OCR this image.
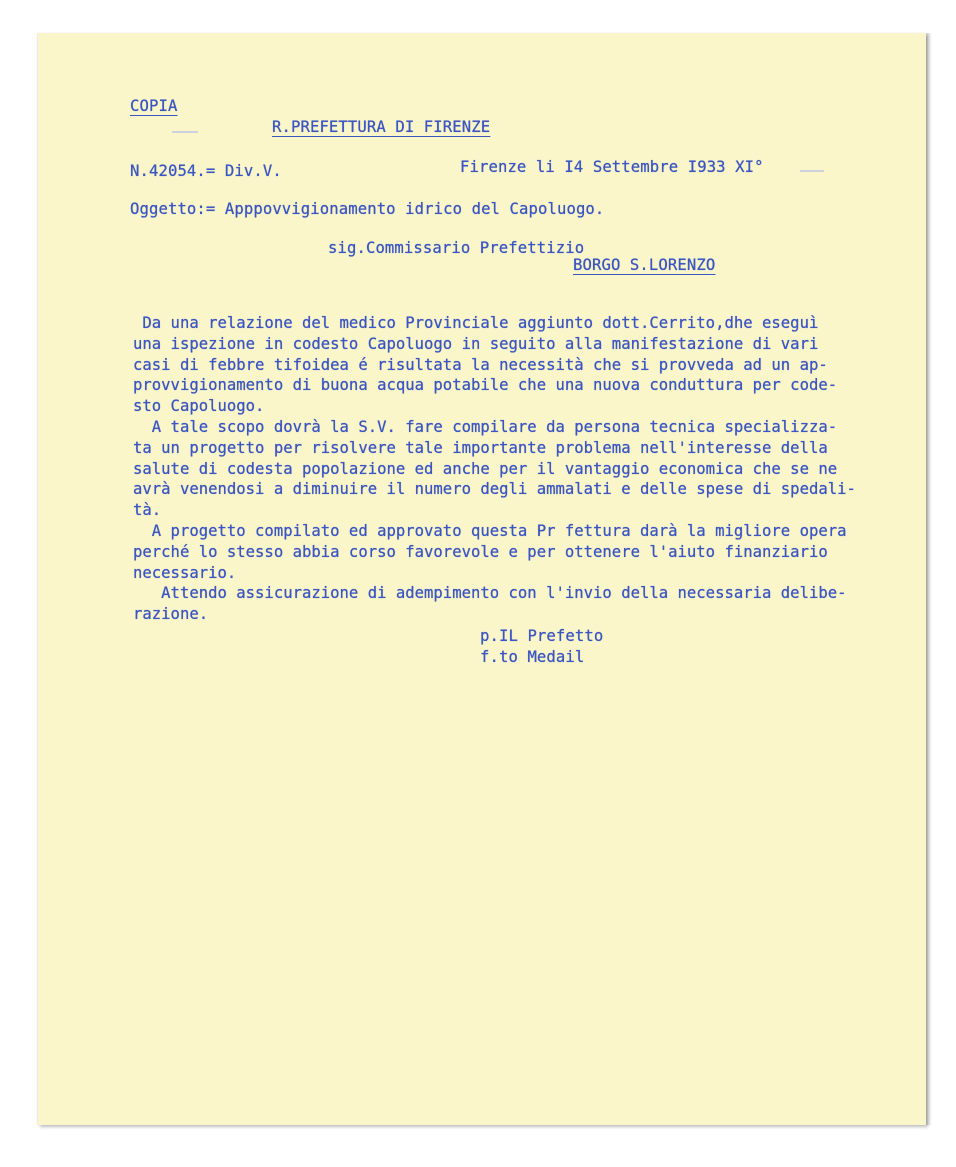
COPIA
R.PREFETTURA DI FIRENZE
N.42054.= Div.V.	Firenze li I4 Settembre I933 XI°
Oggetto:= Apppovvigionamento idrico del Capoluogo.
sig.Commissario Prefettizio
BORGO S.LORENZO
Da una relazione del medico Provinciale aggiunto dott.Cerrito,dhe eseguì
una ispezione in codesto Capoluogo in seguito alla manifestazione di vari
casi di febbre tifoidea é risultata la necessità che si provveda ad un ap-
provvigionamento di buona acqua potabile che una nuova conduttura per code-
sto Capoluogo.
A tale scopo dovrà la S.V. fare compilare da persona tecnica specializza-
ta un progetto per risolvere tale importante problema nell'interesse della
salute di codesta popolazione ed anche per il vantaggio economica che se ne
avrà venendosi a diminuire il numero degli ammalati e delle spese di spedali-
tà.
A progetto compilato ed approvato questa Pr fettura darà la migliore opera
perché lo stesso abbia corso favorevole e per ottenere l'aiuto finanziario
necessario.
Attendo assicurazione di adempimento con l'invio della necessaria delibe-
razione.
p.IL Prefetto
f.to Medail
